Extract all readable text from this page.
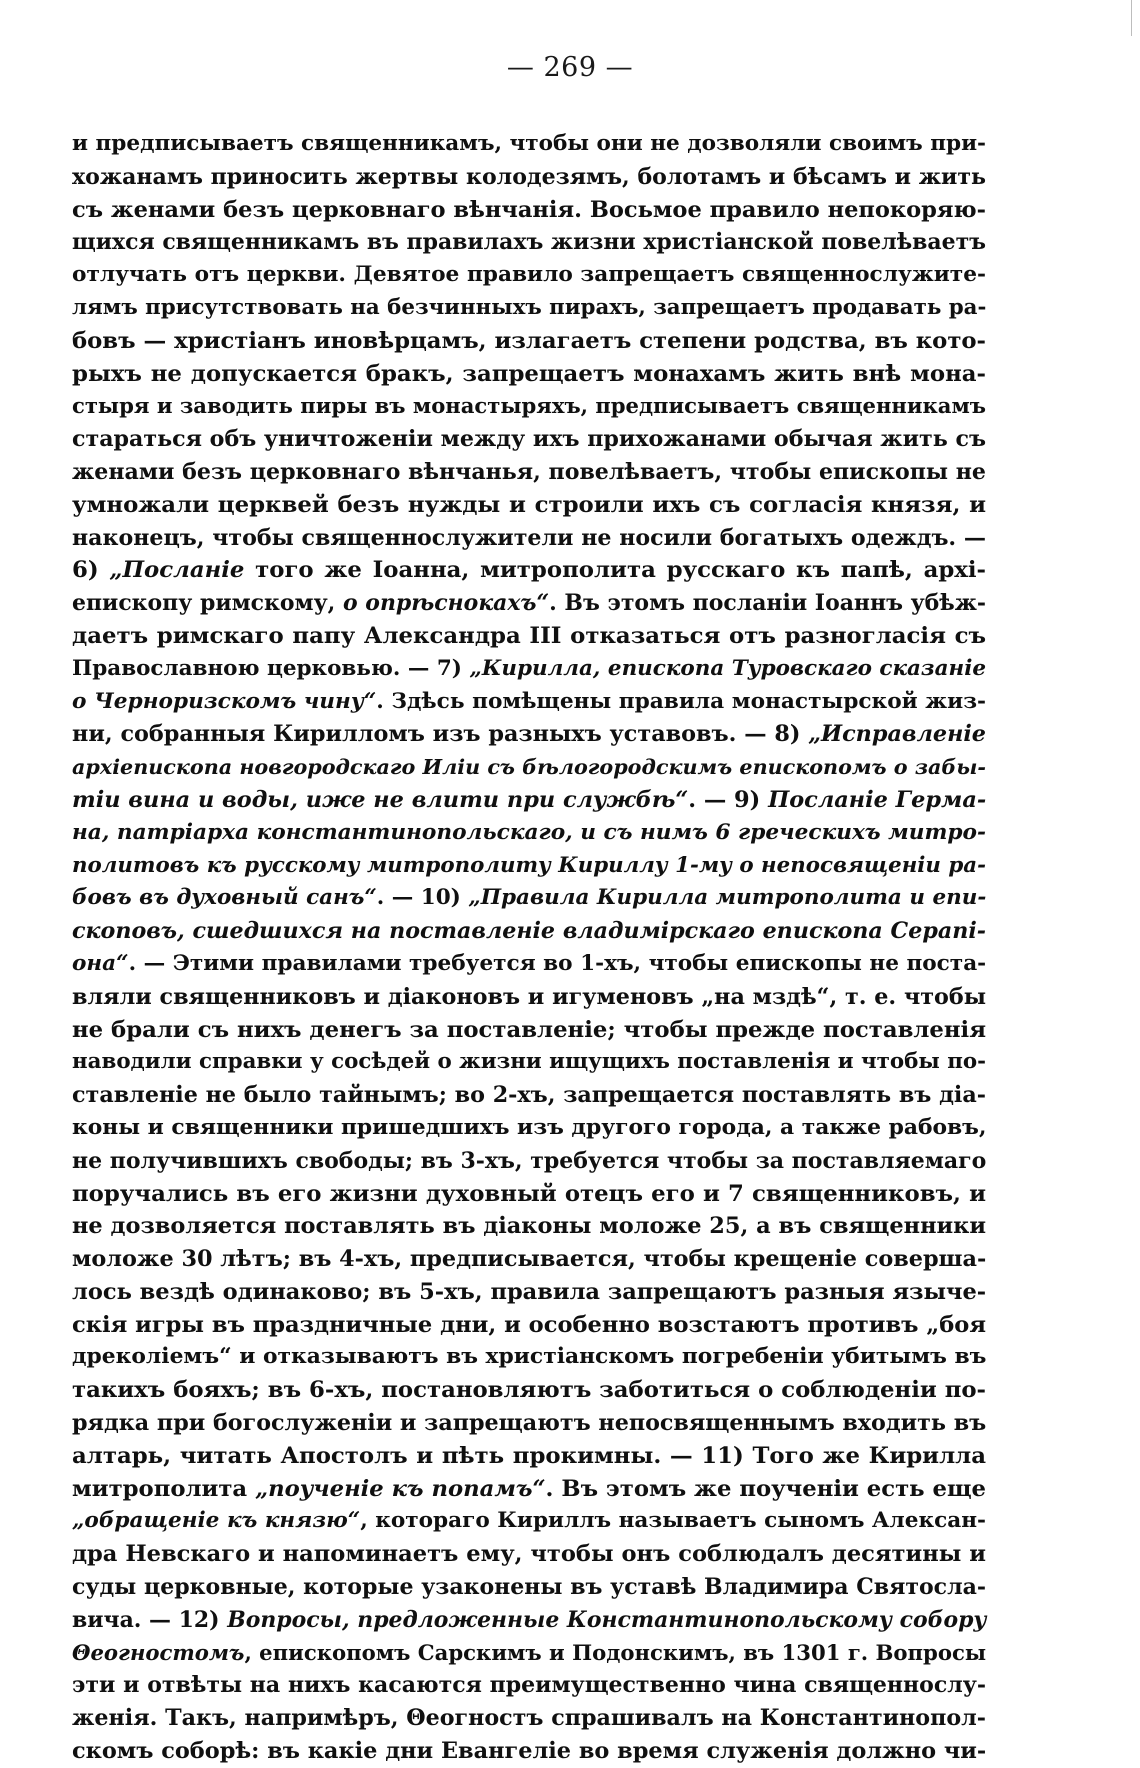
— 269 —
и предписываетъ священникамъ, чтобы они не дозволяли своимъ при-
хожанамъ приносить жертвы колодезямъ, болотамъ и бѣсамъ и жить
съ женами безъ церковнаго вѣнчанія. Восьмое правило непокоряю-
щихся священникамъ въ правилахъ жизни христіанской повелѣваетъ
отлучать отъ церкви. Девятое правило запрещаетъ священнослужите-
лямъ присутствовать на безчинныхъ пирахъ, запрещаетъ продавать ра-
бовъ — христіанъ иновѣрцамъ, излагаетъ степени родства, въ кото-
рыхъ не допускается бракъ, запрещаетъ монахамъ жить внѣ мона-
стыря и заводить пиры въ монастыряхъ, предписываетъ священникамъ
стараться объ уничтоженіи между ихъ прихожанами обычая жить съ
женами безъ церковнаго вѣнчанья, повелѣваетъ, чтобы епископы не
умножали церквей безъ нужды и строили ихъ съ согласія князя, и
наконецъ, чтобы священнослужители не носили богатыхъ одеждъ. —
6) „Посланіе того же Іоанна, митрополита русскаго къ папѣ, архі-
епископу римскому, о опрѣснокахъ“. Въ этомъ посланіи Іоаннъ убѣж-
даетъ римскаго папу Александра III отказаться отъ разногласія съ
Православною церковью. — 7) „Кирилла, епископа Туровскаго сказаніе
о Черноризскомъ чину“. Здѣсь помѣщены правила монастырской жиз-
ни, собранныя Кирилломъ изъ разныхъ уставовъ. — 8) „Исправленіе
архіепископа новгородскаго Иліи съ бѣлогородскимъ епископомъ о забы-
тіи вина и воды, иже не влити при службѣ“. — 9) Посланіе Герма-
на, патріарха константинопольскаго, и съ нимъ 6 греческихъ митро-
политовъ къ русскому митрополиту Кириллу 1-му о непосвященіи ра-
бовъ въ духовный санъ“. — 10) „Правила Кирилла митрополита и епи-
скоповъ, сшедшихся на поставленіе владимірскаго епископа Серапі-
она“. — Этими правилами требуется во 1-хъ, чтобы епископы не поста-
вляли священниковъ и діаконовъ и игуменовъ „на мздѣ“, т. е. чтобы
не брали съ нихъ денегъ за поставленіе; чтобы прежде поставленія
наводили справки у сосѣдей о жизни ищущихъ поставленія и чтобы по-
ставленіе не было тайнымъ; во 2-хъ, запрещается поставлять въ діа-
коны и священники пришедшихъ изъ другого города, а также рабовъ,
не получившихъ свободы; въ 3-хъ, требуется чтобы за поставляемаго
поручались въ его жизни духовный отецъ его и 7 священниковъ, и
не дозволяется поставлять въ діаконы моложе 25, а въ священники
моложе 30 лѣтъ; въ 4-хъ, предписывается, чтобы крещеніе соверша-
лось вездѣ одинаково; въ 5-хъ, правила запрещаютъ разныя языче-
скія игры въ праздничные дни, и особенно возстаютъ противъ „боя
дреколіемъ“ и отказываютъ въ христіанскомъ погребеніи убитымъ въ
такихъ бояхъ; въ 6-хъ, постановляютъ заботиться о соблюденіи по-
рядка при богослуженіи и запрещаютъ непосвященнымъ входить въ
алтарь, читать Апостолъ и пѣть прокимны. — 11) Того же Кирилла
митрополита „поученіе къ попамъ“. Въ этомъ же поученіи есть еще
„обращеніе къ князю“, котораго Кириллъ называетъ сыномъ Алексан-
дра Невскаго и напоминаетъ ему, чтобы онъ соблюдалъ десятины и
суды церковные, которые узаконены въ уставѣ Владимира Святосла-
вича. — 12) Вопросы, предложенные Константинопольскому собору
Θеогностомъ, епископомъ Сарскимъ и Подонскимъ, въ 1301 г. Вопросы
эти и отвѣты на нихъ касаются преимущественно чина священнослу-
женія. Такъ, напримѣръ, Θеогностъ спрашивалъ на Константинопол-
скомъ соборѣ: въ какіе дни Евангеліе во время служенія должно чи-
